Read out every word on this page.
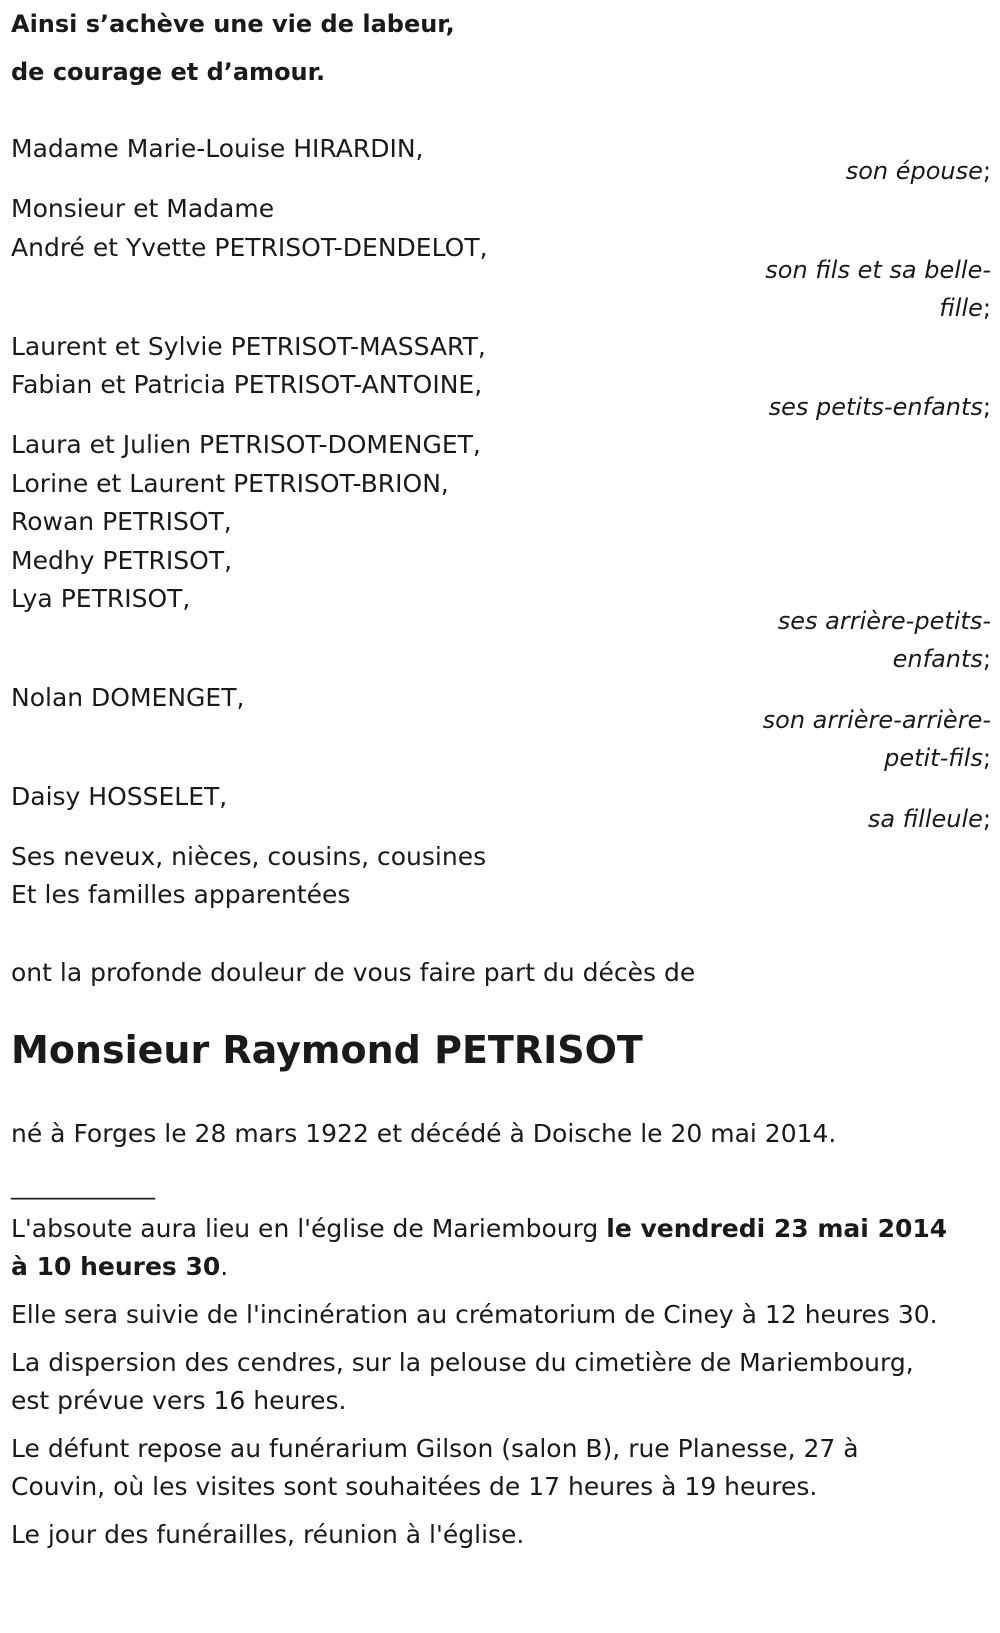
Ainsi s’achève une vie de labeur,
de courage et d’amour.
Madame Marie-Louise HIRARDIN,
son épouse;
Monsieur et Madame
André et Yvette PETRISOT-DENDELOT,
son fils et sa belle-
fille;
Laurent et Sylvie PETRISOT-MASSART,
Fabian et Patricia PETRISOT-ANTOINE,
ses petits-enfants;
Laura et Julien PETRISOT-DOMENGET,
Lorine et Laurent PETRISOT-BRION,
Rowan PETRISOT,
Medhy PETRISOT,
Lya PETRISOT,
ses arrière-petits-
enfants;
Nolan DOMENGET,
son arrière-arrière-
petit-fils;
Daisy HOSSELET,
sa filleule;
Ses neveux, nièces, cousins, cousines
Et les familles apparentées
ont la profonde douleur de vous faire part du décès de
Monsieur Raymond PETRISOT
né à Forges le 28 mars 1922 et décédé à Doische le 20 mai 2014.
____________
L'absoute aura lieu en l'église de Mariembourg le vendredi 23 mai 2014
à 10 heures 30.
Elle sera suivie de l'incinération au crématorium de Ciney à 12 heures 30.
La dispersion des cendres, sur la pelouse du cimetière de Mariembourg,
est prévue vers 16 heures.
Le défunt repose au funérarium Gilson (salon B), rue Planesse, 27 à
Couvin, où les visites sont souhaitées de 17 heures à 19 heures.
Le jour des funérailles, réunion à l'église.
